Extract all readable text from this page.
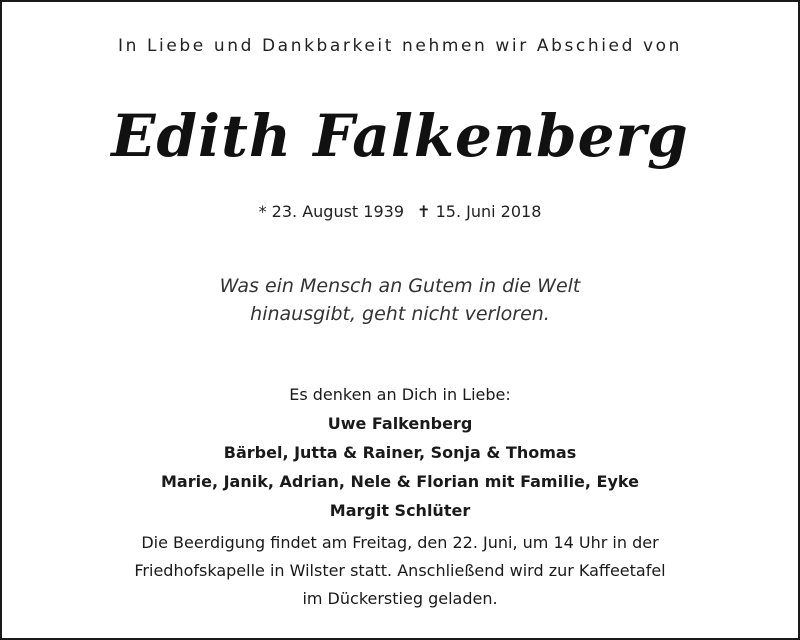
In Liebe und Dankbarkeit nehmen wir Abschied von
Edith Falkenberg
* 23. August 1939 ✝ 15. Juni 2018
Was ein Mensch an Gutem in die Welt
hinausgibt, geht nicht verloren.
Es denken an Dich in Liebe:
Uwe Falkenberg
Bärbel, Jutta & Rainer, Sonja & Thomas
Marie, Janik, Adrian, Nele & Florian mit Familie, Eyke
Margit Schlüter
Die Beerdigung findet am Freitag, den 22. Juni, um 14 Uhr in der
Friedhofskapelle in Wilster statt. Anschließend wird zur Kaffeetafel
im Dückerstieg geladen.
